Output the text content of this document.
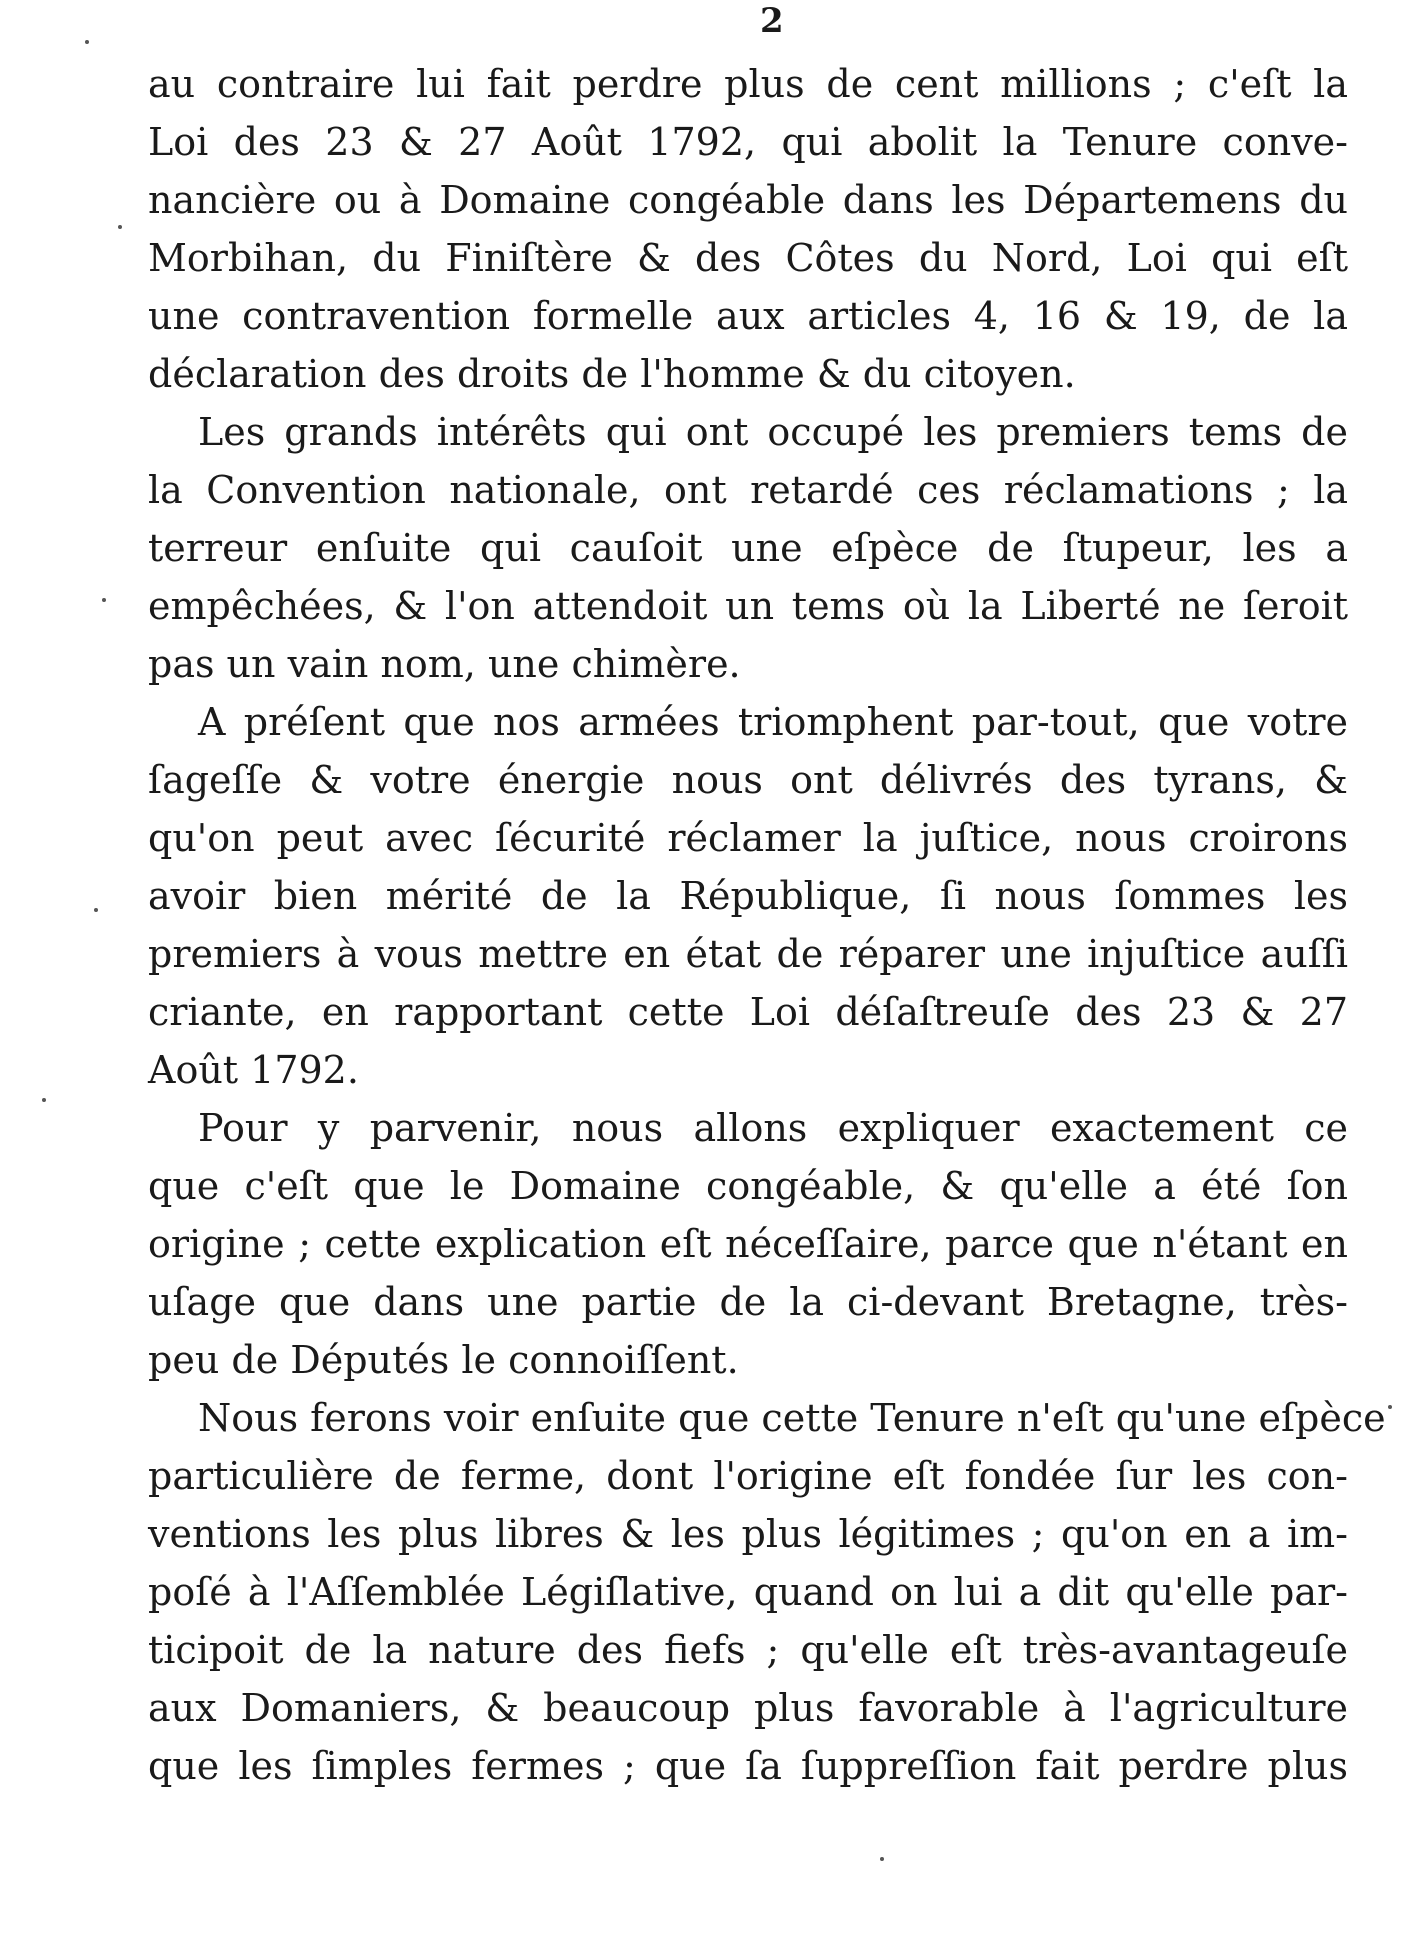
2
au contraire lui fait perdre plus de cent millions ; c'eſt la
Loi des 23 & 27 Août 1792, qui abolit la Tenure conve-
nancière ou à Domaine congéable dans les Départemens du
Morbihan, du Finiſtère & des Côtes du Nord, Loi qui eſt
une contravention formelle aux articles 4, 16 & 19, de la
déclaration des droits de l'homme & du citoyen.
Les grands intérêts qui ont occupé les premiers tems de
la Convention nationale, ont retardé ces réclamations ; la
terreur enſuite qui cauſoit une eſpèce de ſtupeur, les a
empêchées, & l'on attendoit un tems où la Liberté ne ſeroit
pas un vain nom, une chimère.
A préſent que nos armées triomphent par-tout, que votre
ſageſſe & votre énergie nous ont délivrés des tyrans, &
qu'on peut avec ſécurité réclamer la juſtice, nous croirons
avoir bien mérité de la République, ſi nous ſommes les
premiers à vous mettre en état de réparer une injuſtice auſſi
criante, en rapportant cette Loi déſaſtreuſe des 23 & 27
Août 1792.
Pour y parvenir, nous allons expliquer exactement ce
que c'eſt que le Domaine congéable, & qu'elle a été ſon
origine ; cette explication eſt néceſſaire, parce que n'étant en
uſage que dans une partie de la ci-devant Bretagne, très-
peu de Députés le connoiſſent.
Nous ferons voir enſuite que cette Tenure n'eſt qu'une eſpèce
particulière de ferme, dont l'origine eſt fondée ſur les con-
ventions les plus libres & les plus légitimes ; qu'on en a im-
poſé à l'Aſſemblée Légiſlative, quand on lui a dit qu'elle par-
ticipoit de la nature des fiefs ; qu'elle eſt très-avantageuſe
aux Domaniers, & beaucoup plus favorable à l'agriculture
que les ſimples fermes ; que ſa ſuppreſſion fait perdre plus
